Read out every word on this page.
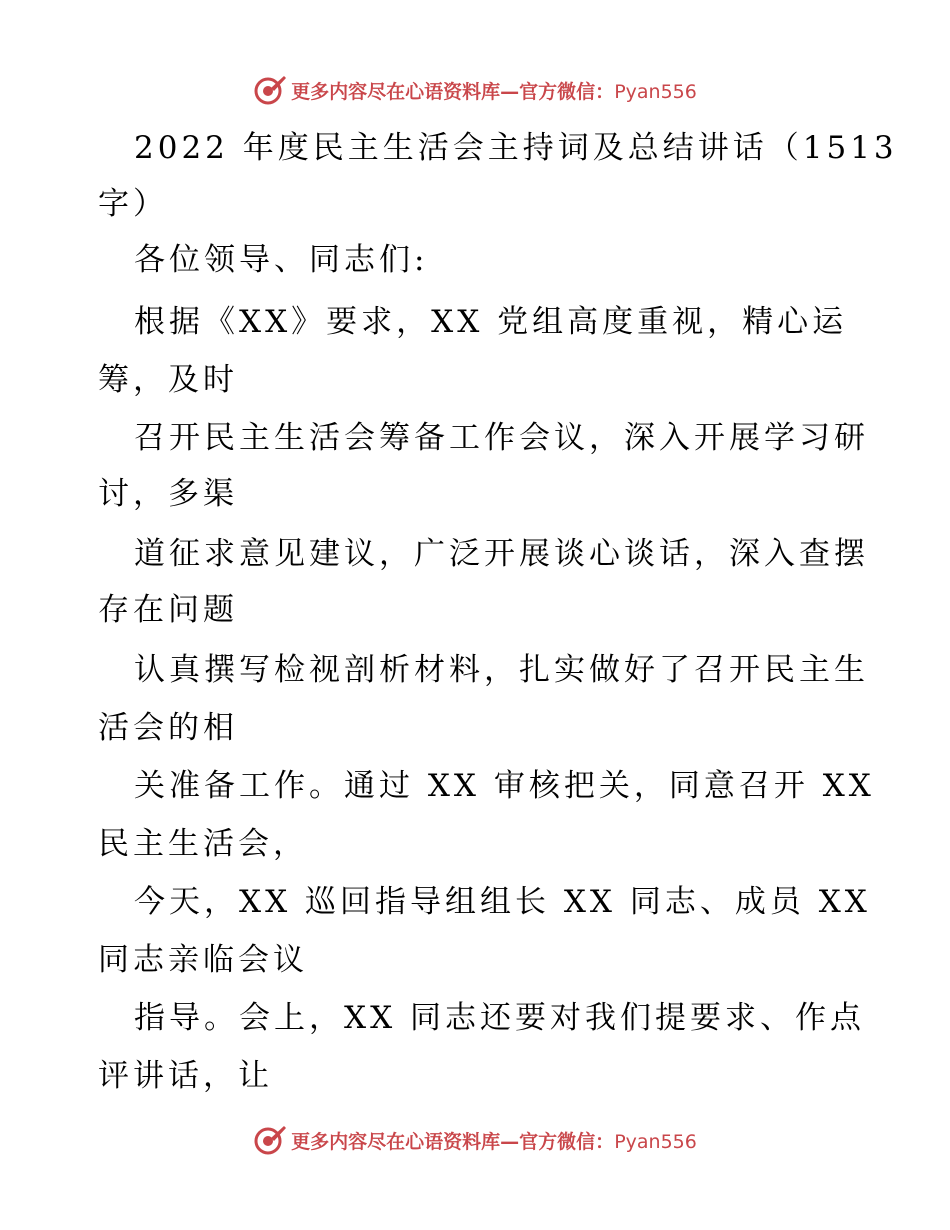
更多内容尽在心语资料库—官方微信：Pyan556
2022 年度民主生活会主持词及总结讲话（1513
字）
各位领导、同志们:
根据《XX》要求，XX 党组高度重视，精心运
筹，及时
召开民主生活会筹备工作会议，深入开展学习研
讨，多渠
道征求意见建议，广泛开展谈心谈话，深入查摆
存在问题
认真撰写检视剖析材料，扎实做好了召开民主生
活会的相
关准备工作。通过 XX 审核把关，同意召开 XX
民主生活会，
今天，XX 巡回指导组组长 XX 同志、成员 XX
同志亲临会议
指导。会上，XX 同志还要对我们提要求、作点
评讲话，让
更多内容尽在心语资料库—官方微信：Pyan556
